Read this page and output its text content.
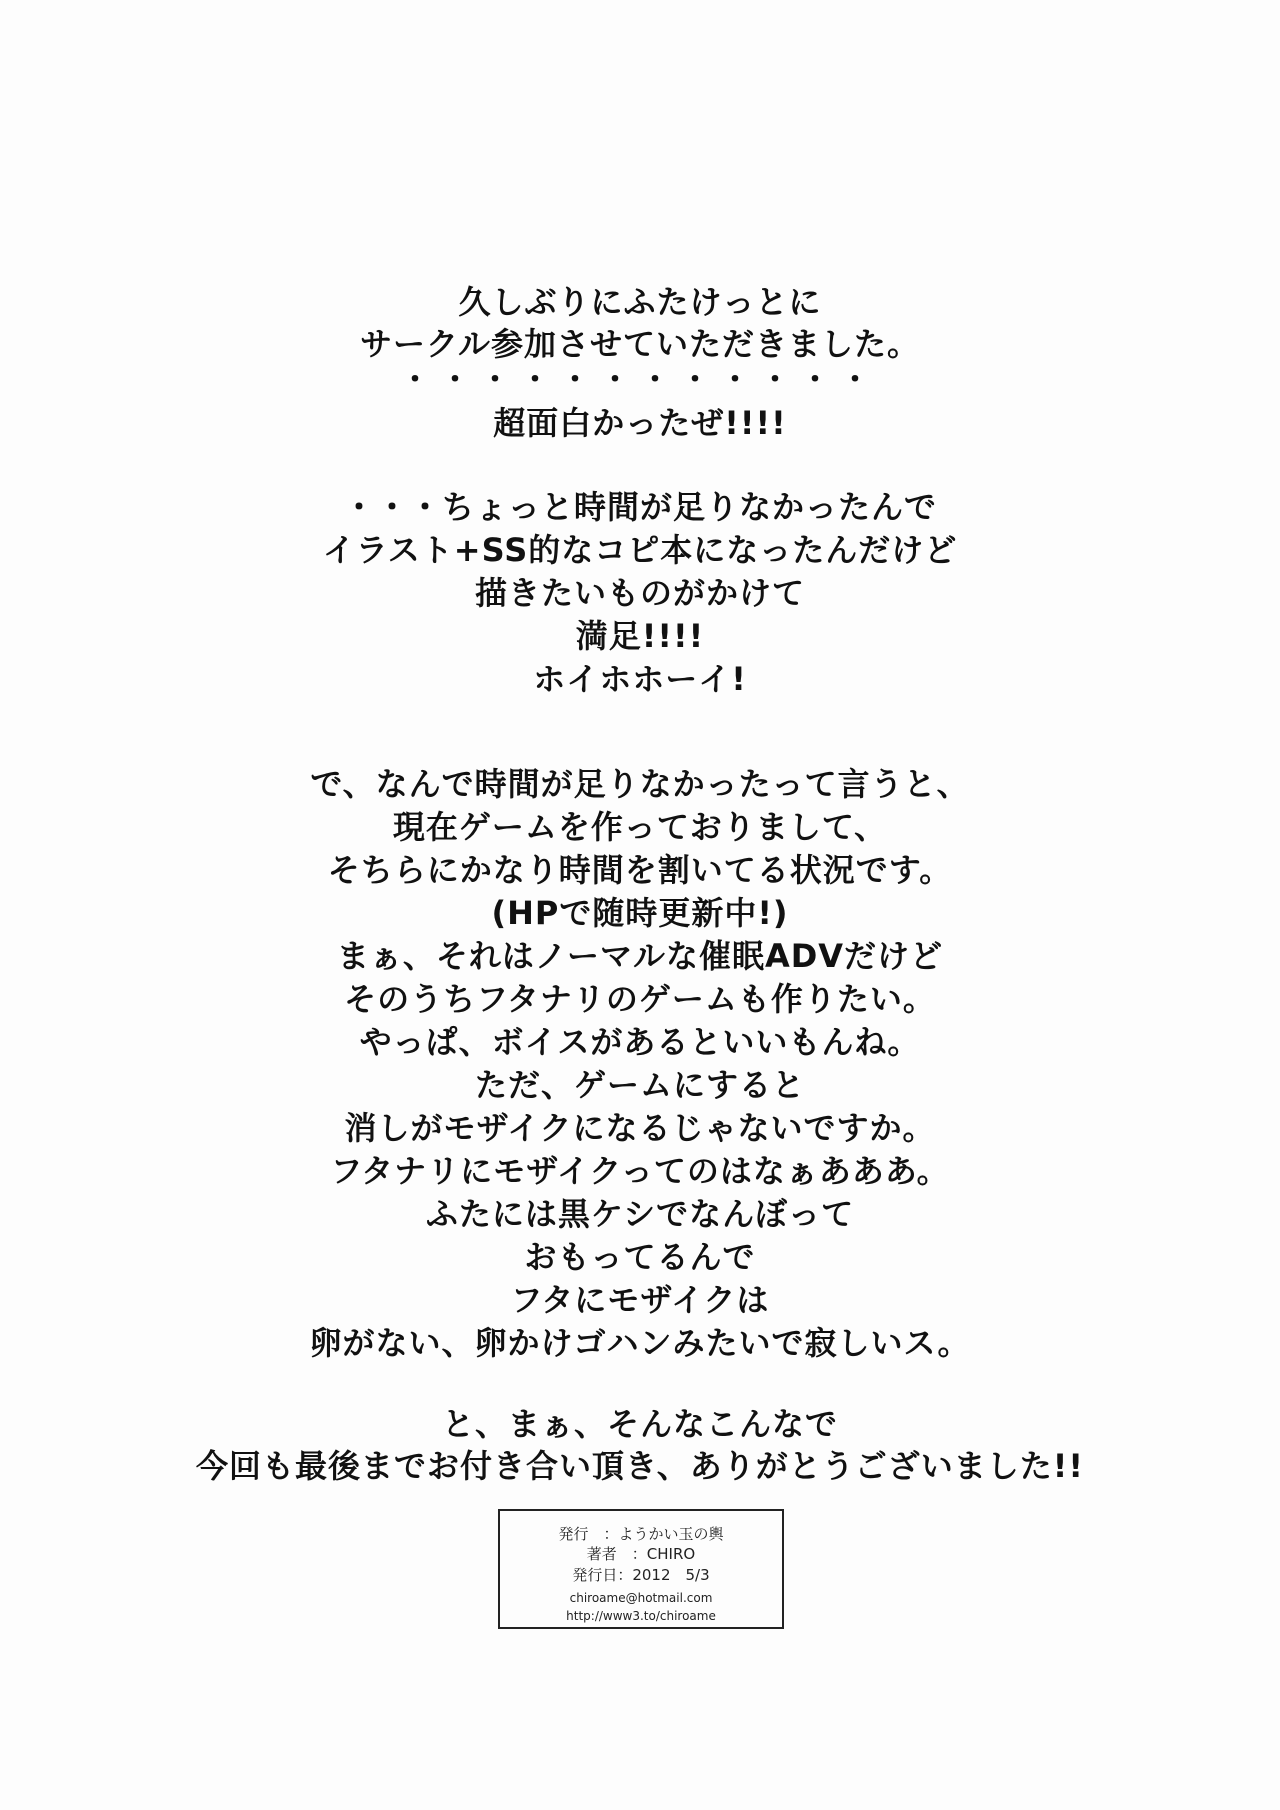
久しぶりにふたけっとに
サークル参加させていただきました。
・・・・・・・・・・・・
超面白かったぜ!!!!
・・・ちょっと時間が足りなかったんで
イラスト+SS的なコピ本になったんだけど
描きたいものがかけて
満足!!!!
ホイホホーイ!
で、なんで時間が足りなかったって言うと、
現在ゲームを作っておりまして、
そちらにかなり時間を割いてる状況です。
(HPで随時更新中!)
まぁ、それはノーマルな催眠ADVだけど
そのうちフタナリのゲームも作りたい。
やっぱ、ボイスがあるといいもんね。
ただ、ゲームにすると
消しがモザイクになるじゃないですか。
フタナリにモザイクってのはなぁあああ。
ふたには黒ケシでなんぼって
おもってるんで
フタにモザイクは
卵がない、卵かけゴハンみたいで寂しいス。
と、まぁ、そんなこんなで
今回も最後までお付き合い頂き、ありがとうございました!!
発行　：ようかい玉の輿
著者　：CHIRO
発行日：2012　5/3
chiroame@hotmail.com
http://www3.to/chiroame
